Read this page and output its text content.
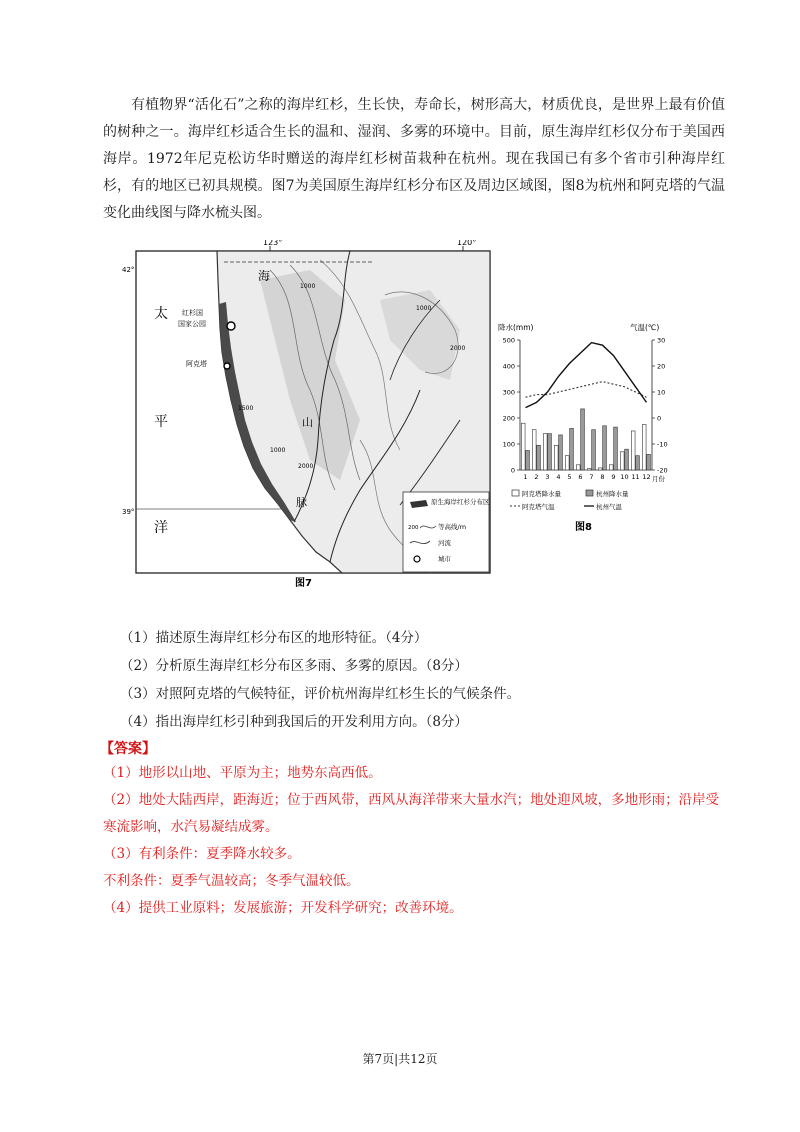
有植物界“活化石”之称的海岸红杉，生长快，寿命长，树形高大，材质优良，是世界上最有价值的树种之一。海岸红杉适合生长的温和、湿润、多雾的环境中。目前，原生海岸红杉仅分布于美国西海岸。1972年尼克松访华时赠送的海岸红杉树苗栽种在杭州。现在我国已有多个省市引种海岸红杉，有的地区已初具规模。图7为美国原生海岸红杉分布区及周边区域图，图8为杭州和阿克塔的气温变化曲线图与降水梳头图。

123°	120°
42°
39°
红杉国
国家公园
阿克塔
太
平
洋
海
山
脉
1000
2000
1500
1000
2000
1000
原生海岸红杉分布区
200	等高线/m
河流
城市
图7
降水(mm)	气温(℃)
0
100
200
300
400
500
-20
-10
0
10
20
30
1 2 3 4 5 6 7 8 9 10 11 12 月份
阿克塔降水量	杭州降水量
阿克塔气温	杭州气温
图8
（1）描述原生海岸红杉分布区的地形特征。（4分）
（2）分析原生海岸红杉分布区多雨、多雾的原因。（8分）
（3）对照阿克塔的气候特征，评价杭州海岸红杉生长的气候条件。
（4）指出海岸红杉引种到我国后的开发利用方向。（8分）
【答案】
（1）地形以山地、平原为主；地势东高西低。
（2）地处大陆西岸，距海近；位于西风带，西风从海洋带来大量水汽；地处迎风坡，多地形雨；沿岸受寒流影响，水汽易凝结成雾。
（3）有利条件：夏季降水较多。
不利条件：夏季气温较高；冬季气温较低。
（4）提供工业原料；发展旅游；开发科学研究；改善环境。
第7页|共12页
